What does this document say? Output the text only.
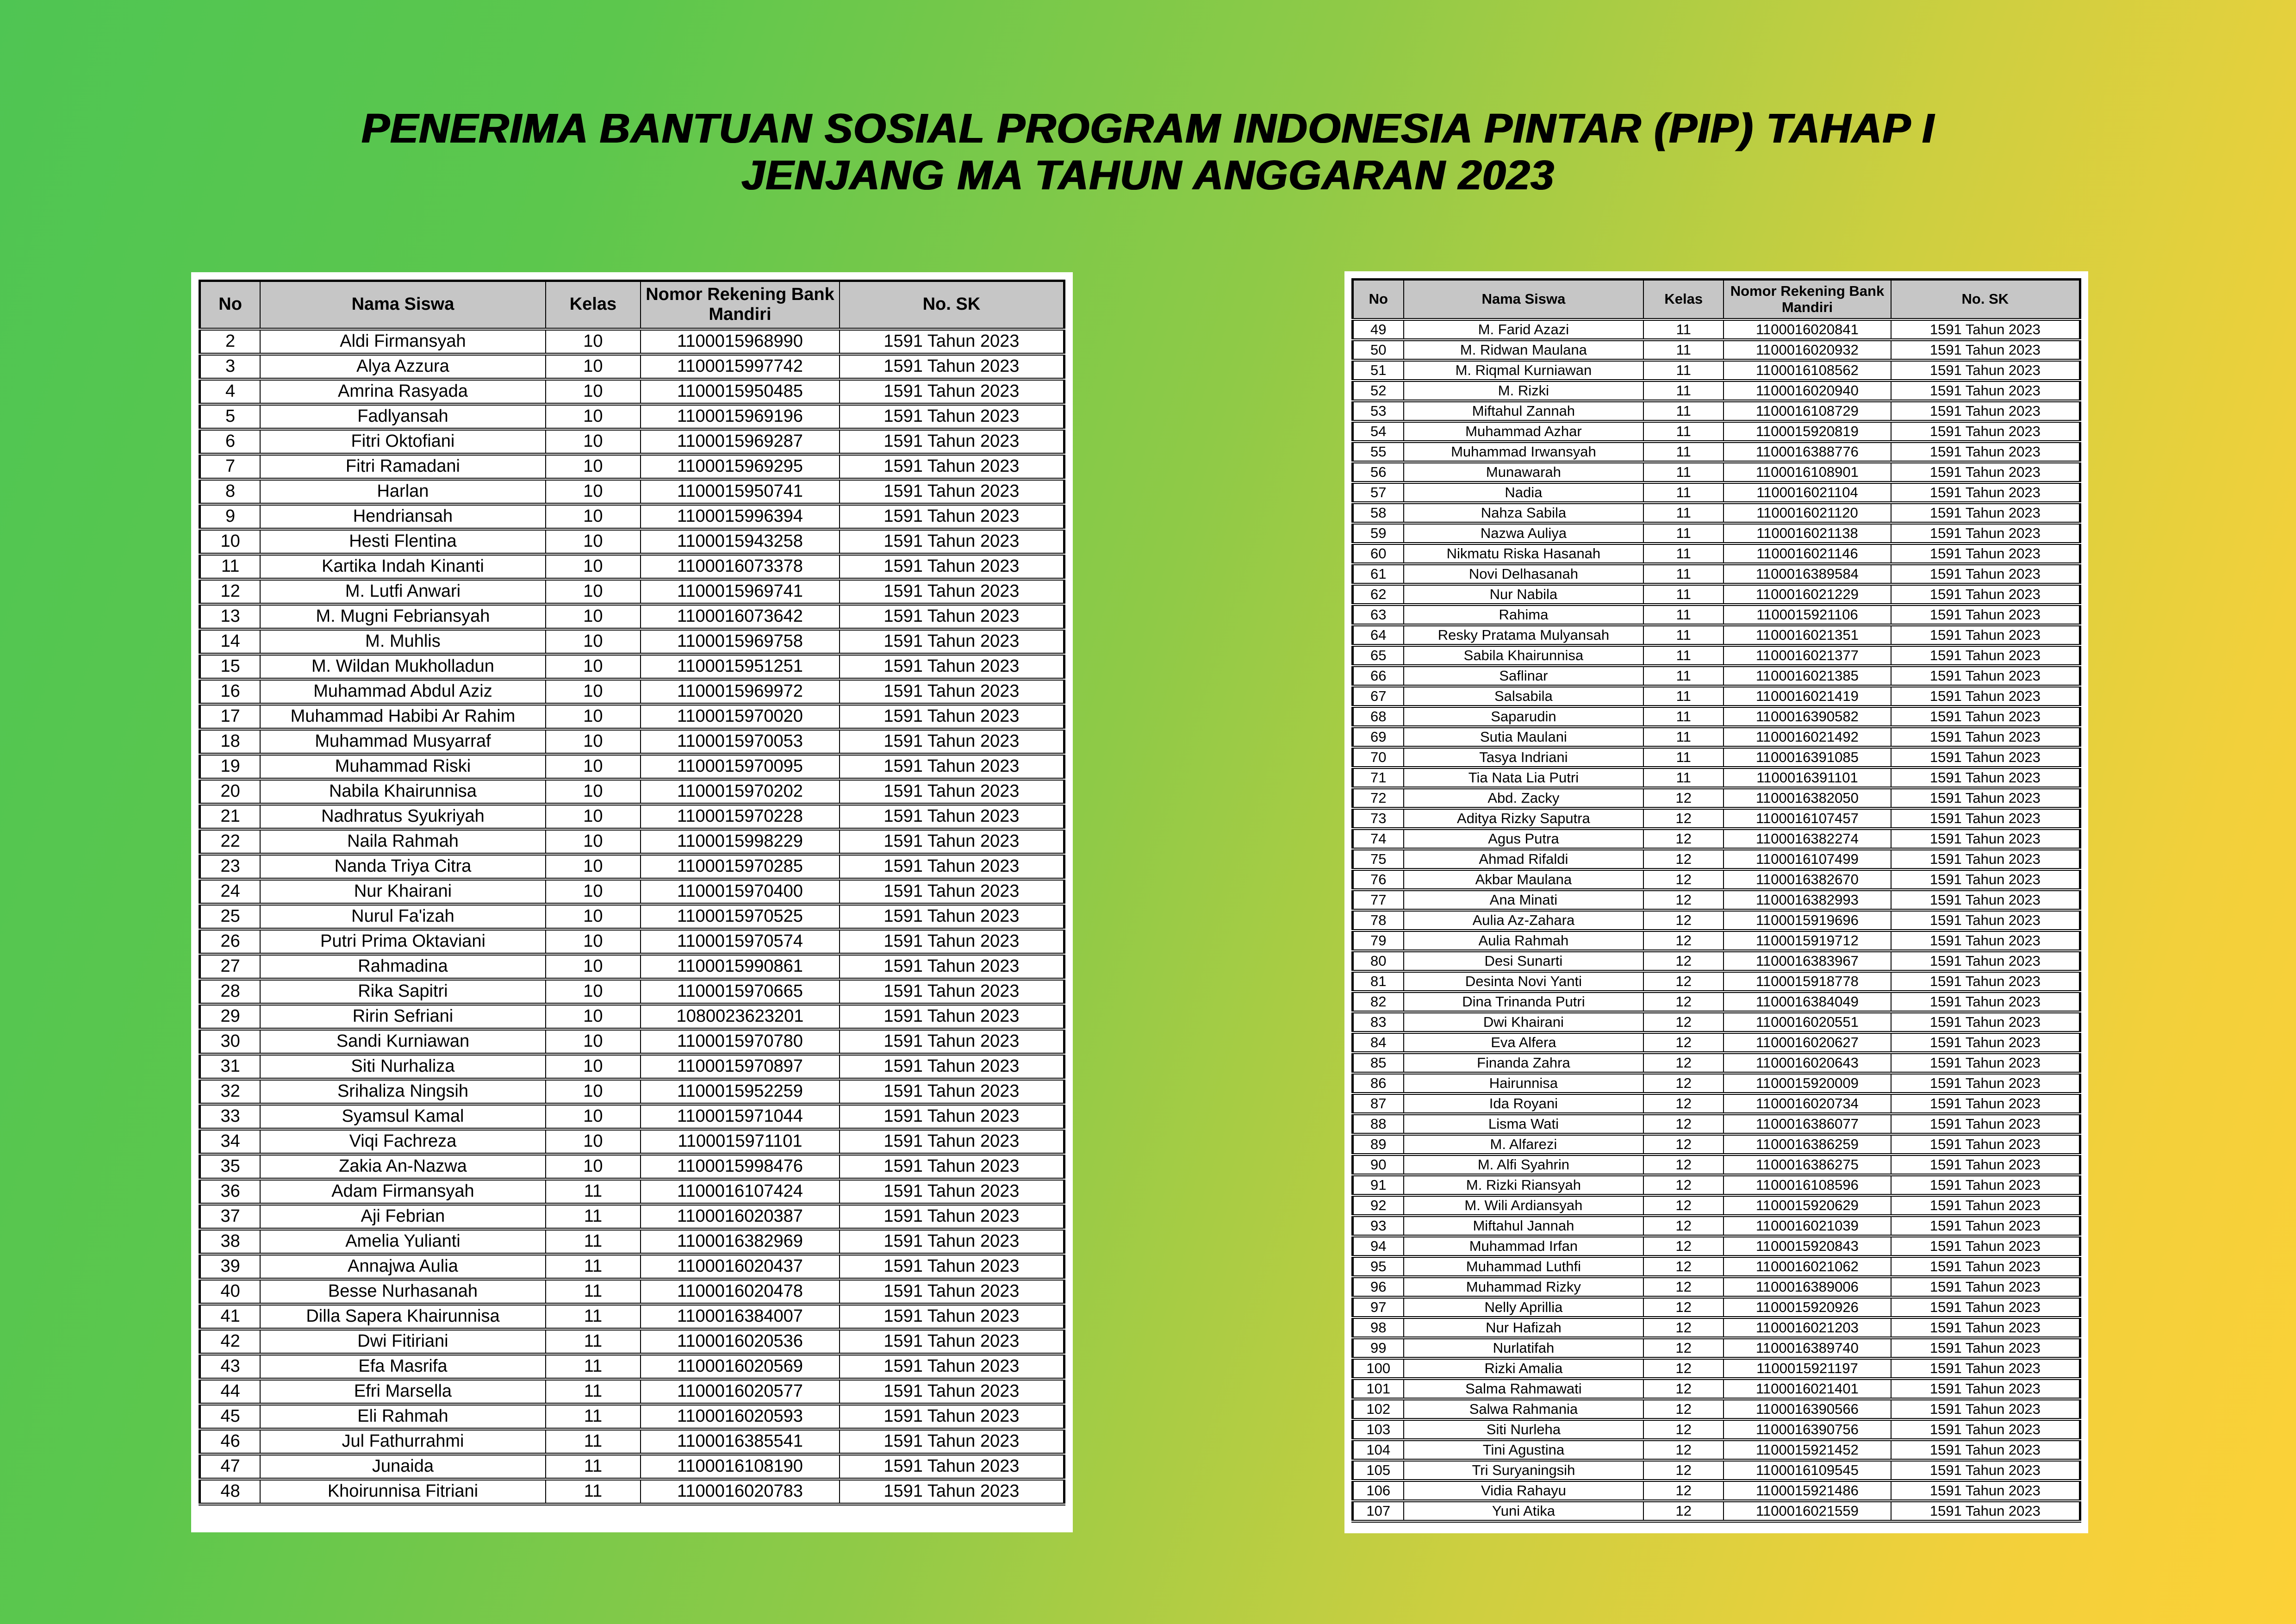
PENERIMA BANTUAN SOSIAL PROGRAM INDONESIA PINTAR (PIP) TAHAP I
JENJANG MA TAHUN ANGGARAN 2023
No	Nama Siswa	Kelas	Nomor Rekening Bank Mandiri	No. SK
2	Aldi Firmansyah	10	1100015968990	1591 Tahun 2023
3	Alya Azzura	10	1100015997742	1591 Tahun 2023
4	Amrina Rasyada	10	1100015950485	1591 Tahun 2023
5	Fadlyansah	10	1100015969196	1591 Tahun 2023
6	Fitri Oktofiani	10	1100015969287	1591 Tahun 2023
7	Fitri Ramadani	10	1100015969295	1591 Tahun 2023
8	Harlan	10	1100015950741	1591 Tahun 2023
9	Hendriansah	10	1100015996394	1591 Tahun 2023
10	Hesti Flentina	10	1100015943258	1591 Tahun 2023
11	Kartika Indah Kinanti	10	1100016073378	1591 Tahun 2023
12	M. Lutfi Anwari	10	1100015969741	1591 Tahun 2023
13	M. Mugni Febriansyah	10	1100016073642	1591 Tahun 2023
14	M. Muhlis	10	1100015969758	1591 Tahun 2023
15	M. Wildan Mukholladun	10	1100015951251	1591 Tahun 2023
16	Muhammad Abdul Aziz	10	1100015969972	1591 Tahun 2023
17	Muhammad Habibi Ar Rahim	10	1100015970020	1591 Tahun 2023
18	Muhammad Musyarraf	10	1100015970053	1591 Tahun 2023
19	Muhammad Riski	10	1100015970095	1591 Tahun 2023
20	Nabila Khairunnisa	10	1100015970202	1591 Tahun 2023
21	Nadhratus Syukriyah	10	1100015970228	1591 Tahun 2023
22	Naila Rahmah	10	1100015998229	1591 Tahun 2023
23	Nanda Triya Citra	10	1100015970285	1591 Tahun 2023
24	Nur Khairani	10	1100015970400	1591 Tahun 2023
25	Nurul Fa'izah	10	1100015970525	1591 Tahun 2023
26	Putri Prima Oktaviani	10	1100015970574	1591 Tahun 2023
27	Rahmadina	10	1100015990861	1591 Tahun 2023
28	Rika Sapitri	10	1100015970665	1591 Tahun 2023
29	Ririn Sefriani	10	1080023623201	1591 Tahun 2023
30	Sandi Kurniawan	10	1100015970780	1591 Tahun 2023
31	Siti Nurhaliza	10	1100015970897	1591 Tahun 2023
32	Srihaliza Ningsih	10	1100015952259	1591 Tahun 2023
33	Syamsul Kamal	10	1100015971044	1591 Tahun 2023
34	Viqi Fachreza	10	1100015971101	1591 Tahun 2023
35	Zakia An-Nazwa	10	1100015998476	1591 Tahun 2023
36	Adam Firmansyah	11	1100016107424	1591 Tahun 2023
37	Aji Febrian	11	1100016020387	1591 Tahun 2023
38	Amelia Yulianti	11	1100016382969	1591 Tahun 2023
39	Annajwa Aulia	11	1100016020437	1591 Tahun 2023
40	Besse Nurhasanah	11	1100016020478	1591 Tahun 2023
41	Dilla Sapera Khairunnisa	11	1100016384007	1591 Tahun 2023
42	Dwi Fitiriani	11	1100016020536	1591 Tahun 2023
43	Efa Masrifa	11	1100016020569	1591 Tahun 2023
44	Efri Marsella	11	1100016020577	1591 Tahun 2023
45	Eli Rahmah	11	1100016020593	1591 Tahun 2023
46	Jul Fathurrahmi	11	1100016385541	1591 Tahun 2023
47	Junaida	11	1100016108190	1591 Tahun 2023
48	Khoirunnisa Fitriani	11	1100016020783	1591 Tahun 2023
No	Nama Siswa	Kelas	Nomor Rekening Bank Mandiri	No. SK
49	M. Farid Azazi	11	1100016020841	1591 Tahun 2023
50	M. Ridwan Maulana	11	1100016020932	1591 Tahun 2023
51	M. Riqmal Kurniawan	11	1100016108562	1591 Tahun 2023
52	M. Rizki	11	1100016020940	1591 Tahun 2023
53	Miftahul Zannah	11	1100016108729	1591 Tahun 2023
54	Muhammad Azhar	11	1100015920819	1591 Tahun 2023
55	Muhammad Irwansyah	11	1100016388776	1591 Tahun 2023
56	Munawarah	11	1100016108901	1591 Tahun 2023
57	Nadia	11	1100016021104	1591 Tahun 2023
58	Nahza Sabila	11	1100016021120	1591 Tahun 2023
59	Nazwa Auliya	11	1100016021138	1591 Tahun 2023
60	Nikmatu Riska Hasanah	11	1100016021146	1591 Tahun 2023
61	Novi Delhasanah	11	1100016389584	1591 Tahun 2023
62	Nur Nabila	11	1100016021229	1591 Tahun 2023
63	Rahima	11	1100015921106	1591 Tahun 2023
64	Resky Pratama Mulyansah	11	1100016021351	1591 Tahun 2023
65	Sabila Khairunnisa	11	1100016021377	1591 Tahun 2023
66	Saflinar	11	1100016021385	1591 Tahun 2023
67	Salsabila	11	1100016021419	1591 Tahun 2023
68	Saparudin	11	1100016390582	1591 Tahun 2023
69	Sutia Maulani	11	1100016021492	1591 Tahun 2023
70	Tasya Indriani	11	1100016391085	1591 Tahun 2023
71	Tia Nata Lia Putri	11	1100016391101	1591 Tahun 2023
72	Abd. Zacky	12	1100016382050	1591 Tahun 2023
73	Aditya Rizky Saputra	12	1100016107457	1591 Tahun 2023
74	Agus Putra	12	1100016382274	1591 Tahun 2023
75	Ahmad Rifaldi	12	1100016107499	1591 Tahun 2023
76	Akbar Maulana	12	1100016382670	1591 Tahun 2023
77	Ana Minati	12	1100016382993	1591 Tahun 2023
78	Aulia Az-Zahara	12	1100015919696	1591 Tahun 2023
79	Aulia Rahmah	12	1100015919712	1591 Tahun 2023
80	Desi Sunarti	12	1100016383967	1591 Tahun 2023
81	Desinta Novi Yanti	12	1100015918778	1591 Tahun 2023
82	Dina Trinanda Putri	12	1100016384049	1591 Tahun 2023
83	Dwi Khairani	12	1100016020551	1591 Tahun 2023
84	Eva Alfera	12	1100016020627	1591 Tahun 2023
85	Finanda Zahra	12	1100016020643	1591 Tahun 2023
86	Hairunnisa	12	1100015920009	1591 Tahun 2023
87	Ida Royani	12	1100016020734	1591 Tahun 2023
88	Lisma Wati	12	1100016386077	1591 Tahun 2023
89	M. Alfarezi	12	1100016386259	1591 Tahun 2023
90	M. Alfi Syahrin	12	1100016386275	1591 Tahun 2023
91	M. Rizki Riansyah	12	1100016108596	1591 Tahun 2023
92	M. Wili Ardiansyah	12	1100015920629	1591 Tahun 2023
93	Miftahul Jannah	12	1100016021039	1591 Tahun 2023
94	Muhammad Irfan	12	1100015920843	1591 Tahun 2023
95	Muhammad Luthfi	12	1100016021062	1591 Tahun 2023
96	Muhammad Rizky	12	1100016389006	1591 Tahun 2023
97	Nelly Aprillia	12	1100015920926	1591 Tahun 2023
98	Nur Hafizah	12	1100016021203	1591 Tahun 2023
99	Nurlatifah	12	1100016389740	1591 Tahun 2023
100	Rizki Amalia	12	1100015921197	1591 Tahun 2023
101	Salma Rahmawati	12	1100016021401	1591 Tahun 2023
102	Salwa Rahmania	12	1100016390566	1591 Tahun 2023
103	Siti Nurleha	12	1100016390756	1591 Tahun 2023
104	Tini Agustina	12	1100015921452	1591 Tahun 2023
105	Tri Suryaningsih	12	1100016109545	1591 Tahun 2023
106	Vidia Rahayu	12	1100015921486	1591 Tahun 2023
107	Yuni Atika	12	1100016021559	1591 Tahun 2023
